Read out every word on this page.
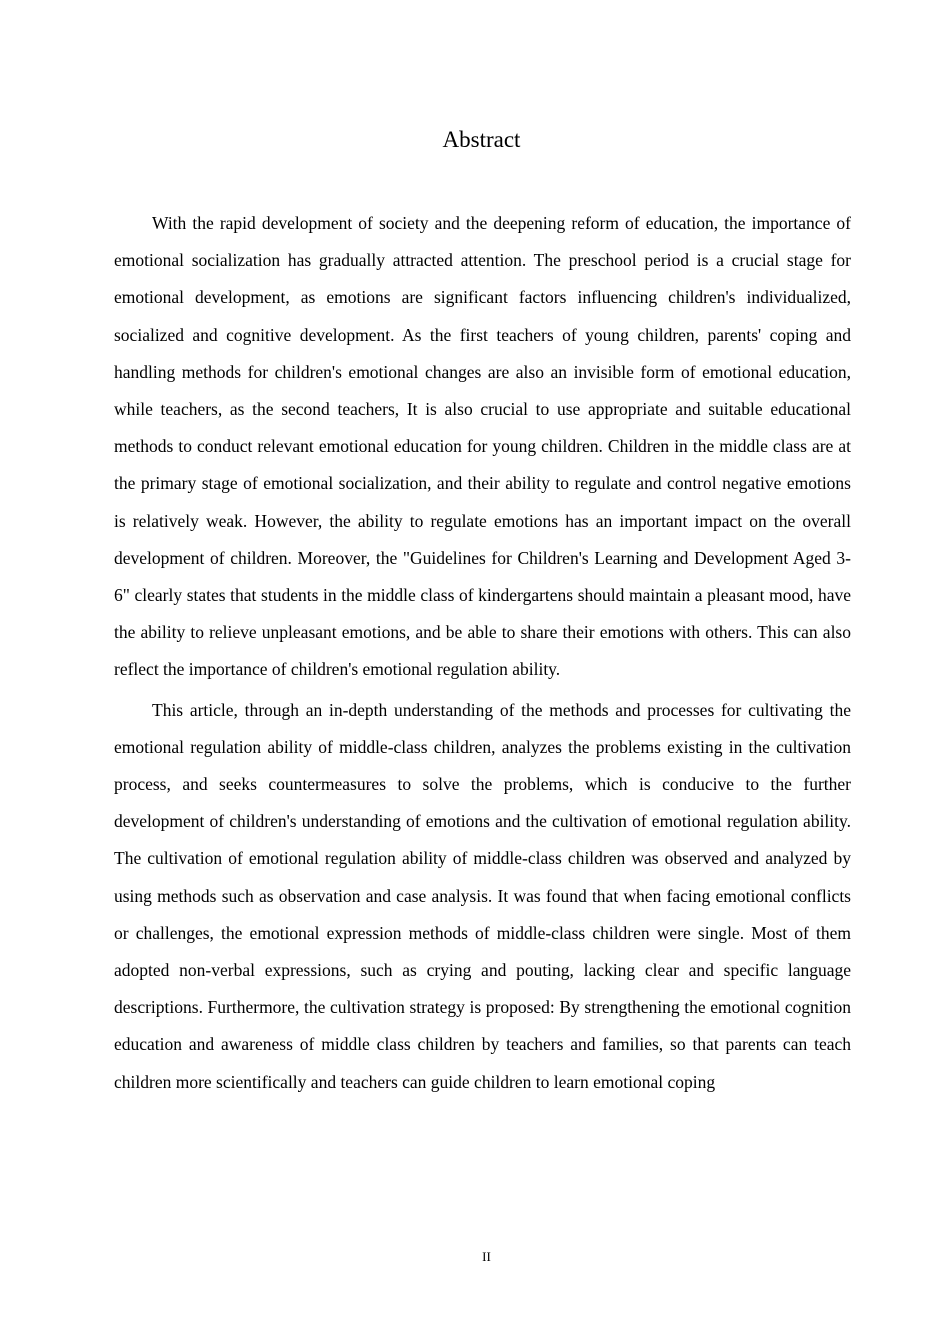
Abstract

With the rapid development of society and the deepening reform of education, the importance of emotional socialization has gradually attracted attention. The preschool period is a crucial stage for emotional development, as emotions are significant factors influencing children's individualized, socialized and cognitive development. As the first teachers of young children, parents' coping and handling methods for children's emotional changes are also an invisible form of emotional education, while teachers, as the second teachers, It is also crucial to use appropriate and suitable educational methods to conduct relevant emotional education for young children. Children in the middle class are at the primary stage of emotional socialization, and their ability to regulate and control negative emotions is relatively weak. However, the ability to regulate emotions has an important impact on the overall development of children. Moreover, the "Guidelines for Children's Learning and Development Aged 3-6" clearly states that students in the middle class of kindergartens should maintain a pleasant mood, have the ability to relieve unpleasant emotions, and be able to share their emotions with others. This can also reflect the importance of children's emotional regulation ability.

This article, through an in-depth understanding of the methods and processes for cultivating the emotional regulation ability of middle-class children, analyzes the problems existing in the cultivation process, and seeks countermeasures to solve the problems, which is conducive to the further development of children's understanding of emotions and the cultivation of emotional regulation ability. The cultivation of emotional regulation ability of middle-class children was observed and analyzed by using methods such as observation and case analysis. It was found that when facing emotional conflicts or challenges, the emotional expression methods of middle-class children were single. Most of them adopted non-verbal expressions, such as crying and pouting, lacking clear and specific language descriptions. Furthermore, the cultivation strategy is proposed: By strengthening the emotional cognition education and awareness of middle class children by teachers and families, so that parents can teach children more scientifically and teachers can guide children to learn emotional coping

II
